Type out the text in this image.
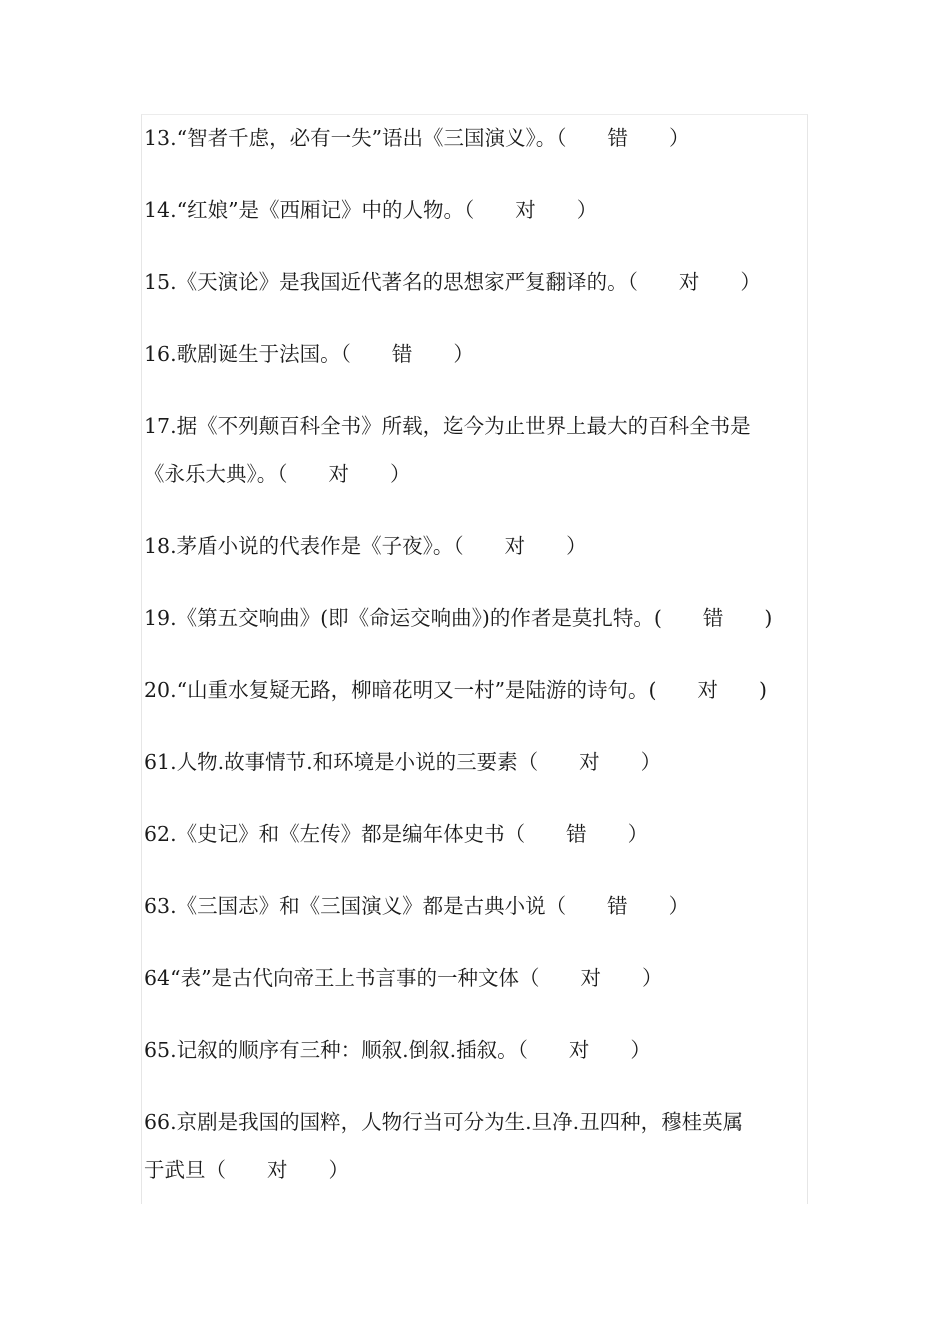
13.“智者千虑，必有一失”语出《三国演义》。（　　错　　）
14.“红娘”是《西厢记》中的人物。（　　对　　）
15.《天演论》是我国近代著名的思想家严复翻译的。（　　对　　）
16.歌剧诞生于法国。（　　错　　）
17.据《不列颠百科全书》所载，迄今为止世界上最大的百科全书是
《永乐大典》。（　　对　　）
18.茅盾小说的代表作是《子夜》。（　　对　　）
19.《第五交响曲》(即《命运交响曲》)的作者是莫扎特。(　　错　　)
20.“山重水复疑无路，柳暗花明又一村”是陆游的诗句。(　　对　　)
61.人物.故事情节.和环境是小说的三要素（　　对　　）
62.《史记》和《左传》都是编年体史书（　　错　　）
63.《三国志》和《三国演义》都是古典小说（　　错　　）
64“表”是古代向帝王上书言事的一种文体（　　对　　）
65.记叙的顺序有三种：顺叙.倒叙.插叙。（　　对　　）
66.京剧是我国的国粹，人物行当可分为生.旦净.丑四种，穆桂英属
于武旦（　　对　　）
